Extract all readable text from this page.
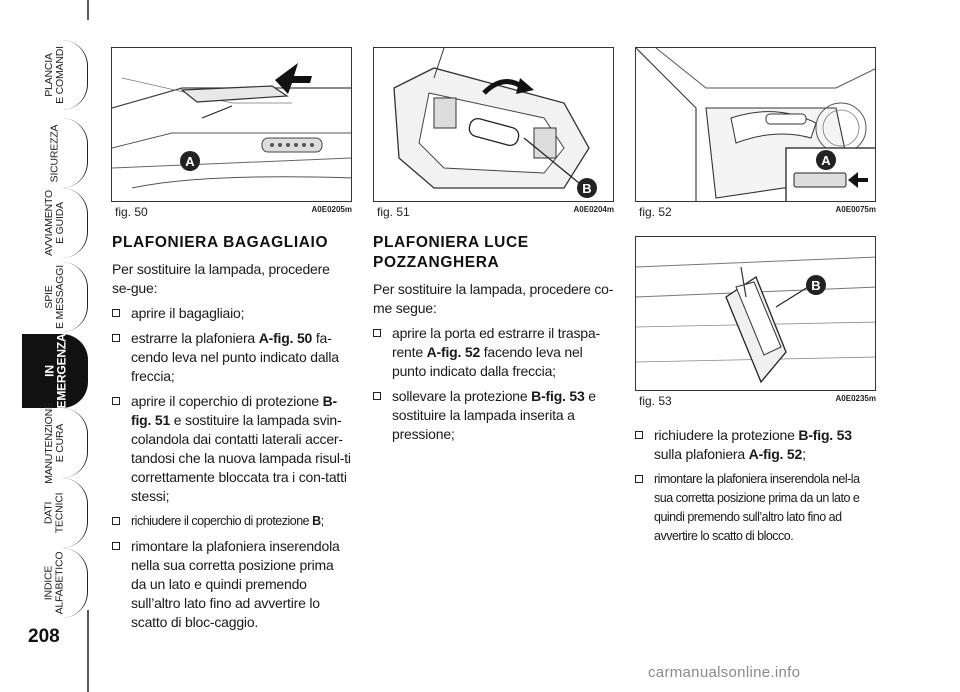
PLANCIA
E COMANDI
SICUREZZA
AVVIAMENTO
E GUIDA
SPIE
E MESSAGGI
IN
EMERGENZA
MANUTENZIONE
E CURA
DATI
TECNICI
INDICE
ALFABETICO
208
A
fig. 50	A0E0205m
B
fig. 51	A0E0204m
A
fig. 52	A0E0075m
B
fig. 53	A0E0235m
PLAFONIERA BAGAGLIAIO

Per sostituire la lampada, procedere se-gue:

aprire il bagagliaio;
estrarre la plafoniera A-fig. 50 fa-cendo leva nel punto indicato dalla freccia;
aprire il coperchio di protezione B-fig. 51 e sostituire la lampada svin-colandola dai contatti laterali accer-tandosi che la nuova lampada risul-ti correttamente bloccata tra i con-tatti stessi;
richiudere il coperchio di protezione B;
rimontare la plafoniera inserendola nella sua corretta posizione prima da un lato e quindi premendo sull’altro lato fino ad avvertire lo scatto di bloc-caggio.
PLAFONIERA LUCE POZZANGHERA

Per sostituire la lampada, procedere co-me segue:

aprire la porta ed estrarre il traspa-rente A-fig. 52 facendo leva nel punto indicato dalla freccia;
sollevare la protezione B-fig. 53 e sostituire la lampada inserita a pressione;	richiudere la protezione B-fig. 53 sulla plafoniera A-fig. 52;
rimontare la plafoniera inserendola nel-la sua corretta posizione prima da un lato e quindi premendo sull’altro lato fino ad avvertire lo scatto di blocco.
carmanualsonline.info
